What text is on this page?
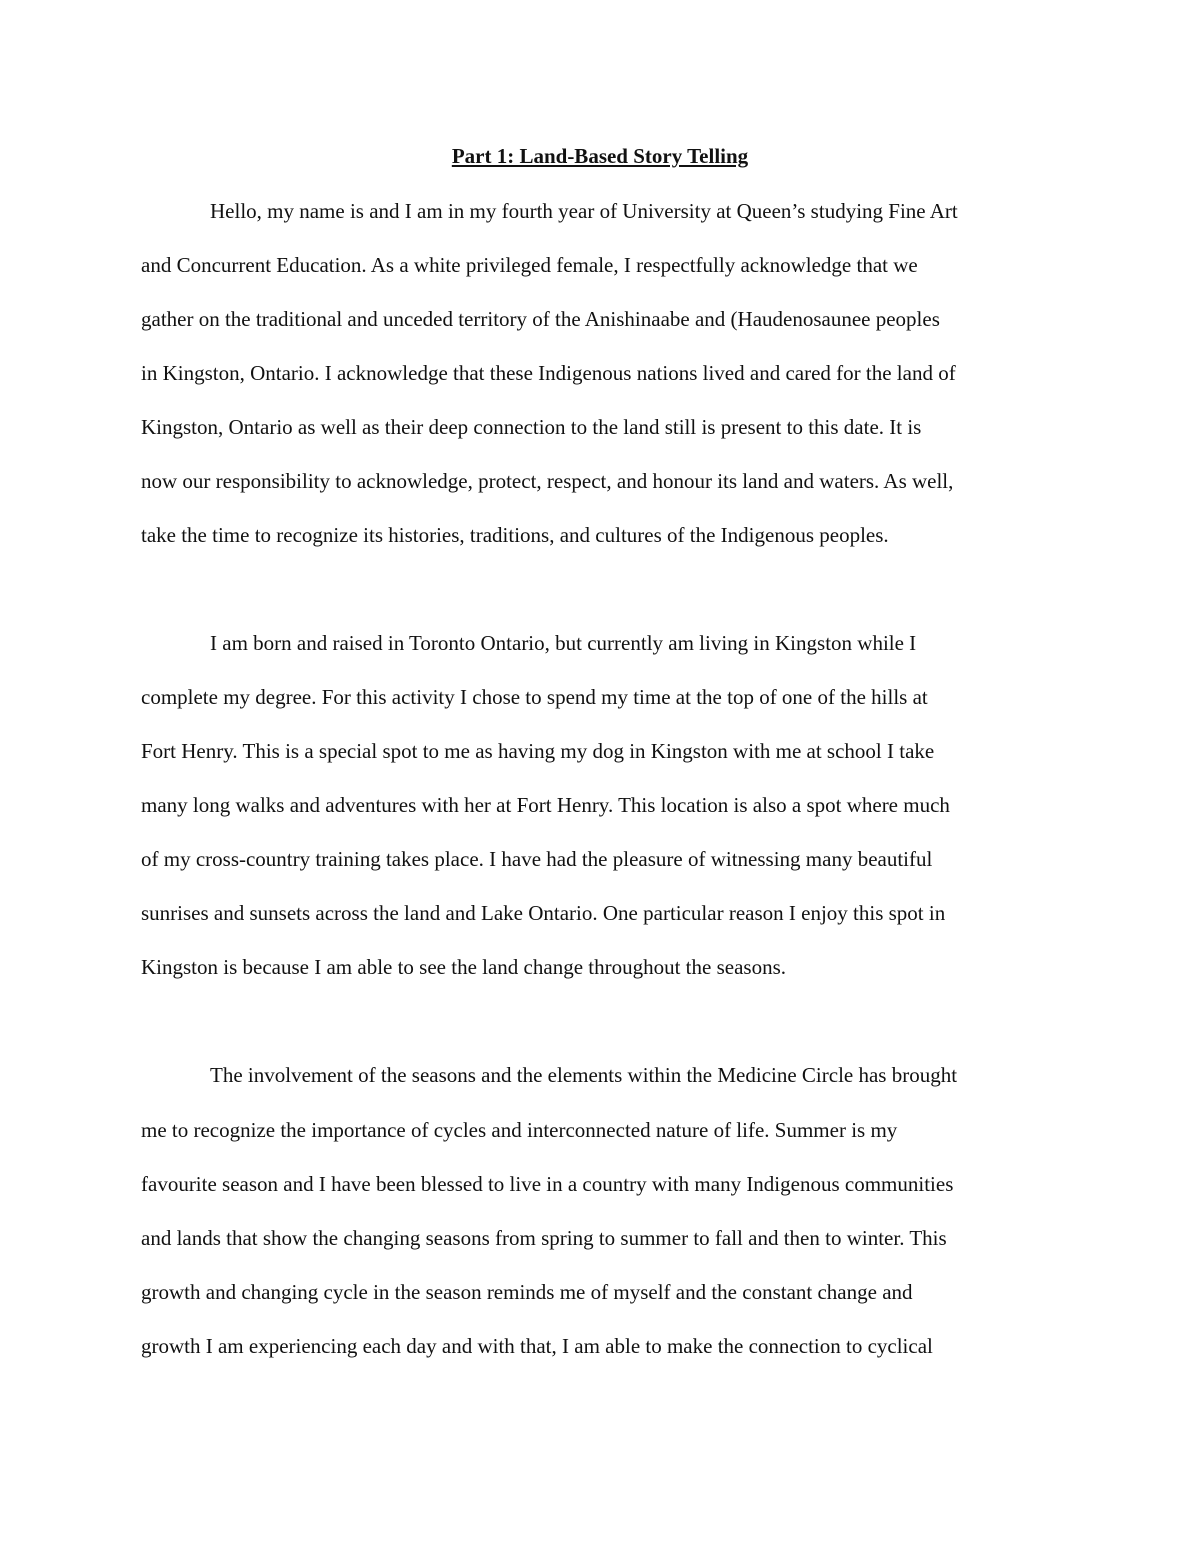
Part 1: Land-Based Story Telling
Hello, my name is and I am in my fourth year of University at Queen’s studying Fine Art
and Concurrent Education. As a white privileged female, I respectfully acknowledge that we
gather on the traditional and unceded territory of the Anishinaabe and (Haudenosaunee peoples
in Kingston, Ontario. I acknowledge that these Indigenous nations lived and cared for the land of
Kingston, Ontario as well as their deep connection to the land still is present to this date. It is
now our responsibility to acknowledge, protect, respect, and honour its land and waters. As well,
take the time to recognize its histories, traditions, and cultures of the Indigenous peoples.
I am born and raised in Toronto Ontario, but currently am living in Kingston while I
complete my degree. For this activity I chose to spend my time at the top of one of the hills at
Fort Henry. This is a special spot to me as having my dog in Kingston with me at school I take
many long walks and adventures with her at Fort Henry. This location is also a spot where much
of my cross-country training takes place. I have had the pleasure of witnessing many beautiful
sunrises and sunsets across the land and Lake Ontario. One particular reason I enjoy this spot in
Kingston is because I am able to see the land change throughout the seasons.
The involvement of the seasons and the elements within the Medicine Circle has brought
me to recognize the importance of cycles and interconnected nature of life. Summer is my
favourite season and I have been blessed to live in a country with many Indigenous communities
and lands that show the changing seasons from spring to summer to fall and then to winter. This
growth and changing cycle in the season reminds me of myself and the constant change and
growth I am experiencing each day and with that, I am able to make the connection to cyclical
